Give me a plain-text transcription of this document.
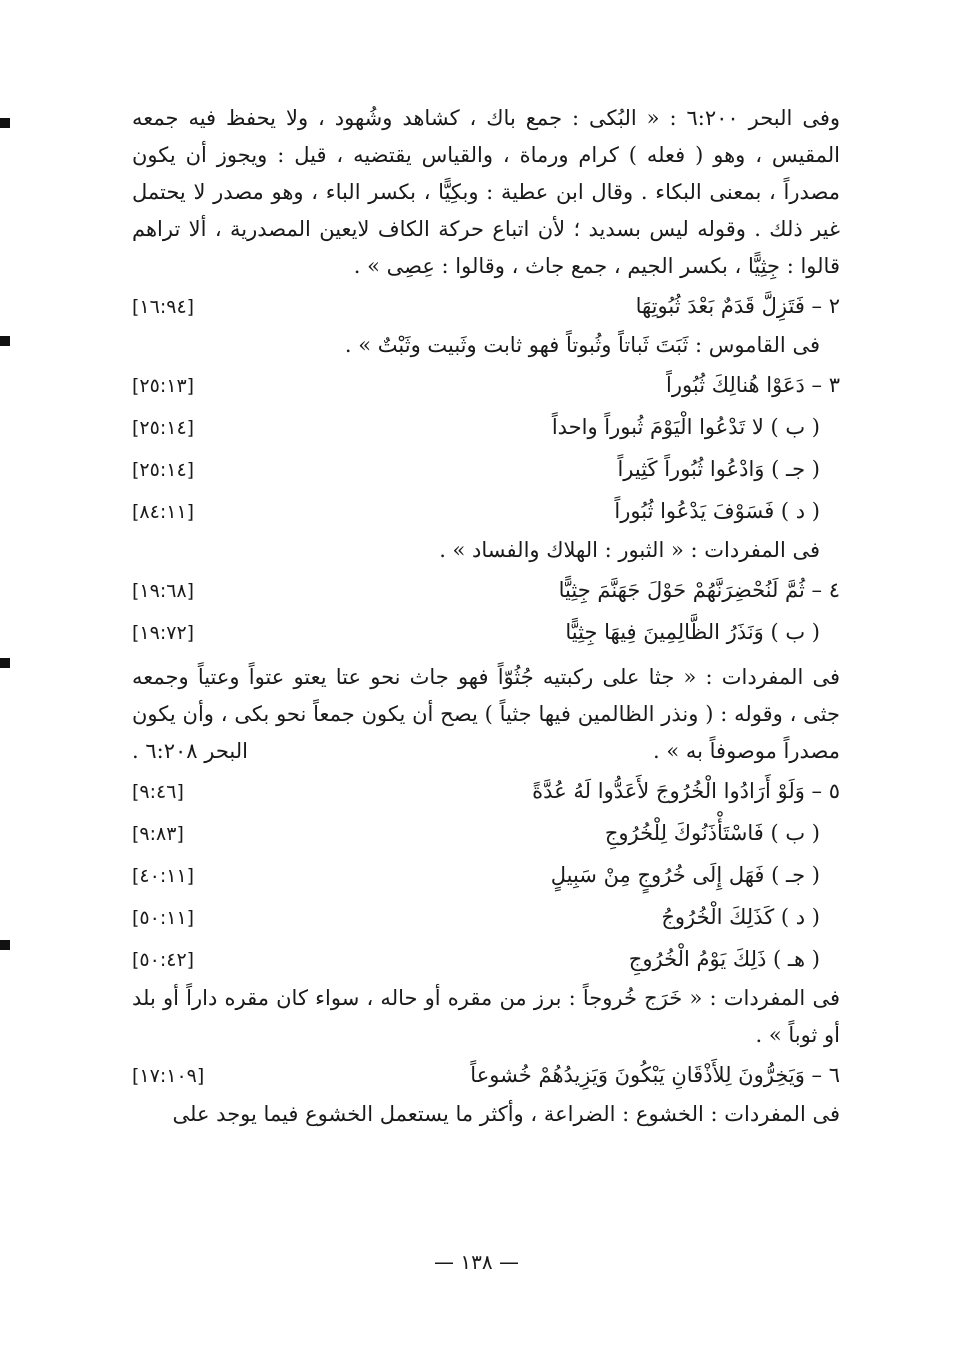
وفى البحر ٦:٢٠٠ : « البُكى : جمع باك ، كشاهد وشُهود ، ولا يحفظ فيه جمعه المقيس ، وهو ( فعله ) كرام ورماة ، والقياس يقتضيه ، قيل : ويجوز أن يكون مصدراً ، بمعنى البكاء . وقال ابن عطية : وبكِيًّا ، بكسر الباء ، وهو مصدر لا يحتمل غير ذلك . وقوله ليس بسديد ؛ لأن اتباع حركة الكاف لايعين المصدرية ، ألا تراهم قالوا : جِثِيًّا ، بكسر الجيم ، جمع جاث ، وقالوا : عِصِى » .

٢ – فَتَزِلَّ قَدَمٌ بَعْدَ ثُبُوتِهَا
[١٦:٩٤]

فى القاموس : ثَبَتَ ثَباتاً وثُبوتاً فهو ثابت وثَبيت وثَبْتٌ » .

٣ – دَعَوْا هُنالِكَ ثُبُوراً
[٢٥:١٣]
( ب ) لا تَدْعُوا الْيَوْمَ ثُبوراً واحداً
[٢٥:١٤]
( جـ ) وَادْعُوا ثُبُوراً كَثِيراً
[٢٥:١٤]
( د ) فَسَوْفَ يَدْعُوا ثُبُوراً
[٨٤:١١]

فى المفردات : « الثبور : الهلاك والفساد » .

٤ – ثُمَّ لَنُحْضِرَنَّهُمْ حَوْلَ جَهَنَّمَ جِثِيًّا
[١٩:٦٨]
( ب ) وَنَذَرُ الظَّالِمِينَ فِيهَا جِثِيًّا
[١٩:٧٢]

فى المفردات : « جثا على ركبتيه جُثُوّاً فهو جاث نحو عتا يعتو عتواً وعتياً وجمعه جثى ، وقوله : ( ونذر الظالمين فيها جثياً ) يصح أن يكون جمعاً نحو بكى ، وأن يكون مصدراً موصوفاً به » .
البحر ٦:٢٠٨ .

٥ – وَلَوْ أَرَادُوا الْخُرُوجَ لأَعَدُّوا لَهُ عُدَّةً
[٩:٤٦]
( ب ) فَاسْتَأْذَنُوكَ لِلْخُرُوجِ
[٩:٨٣]
( جـ ) فَهَل إِلَى خُرُوجٍ مِنْ سَبِيلٍ
[٤٠:١١]
( د ) كَذَلِكَ الْخُرُوجُ
[٥٠:١١]
( هـ ) ذَلِكَ يَوْمُ الْخُرُوجِ
[٥٠:٤٢]

فى المفردات : « خَرَج خُروجاً : برز من مقره أو حاله ، سواء كان مقره داراً أو بلد أو ثوباً » .

٦ – وَيَخِرُّونَ لِلأَذْقَانِ يَبْكُونَ وَيَزِيدُهُمْ خُشوعاً
[١٧:١٠٩]

فى المفردات : الخشوع : الضراعة ، وأكثر ما يستعمل الخشوع فيما يوجد على

— ١٣٨ —
